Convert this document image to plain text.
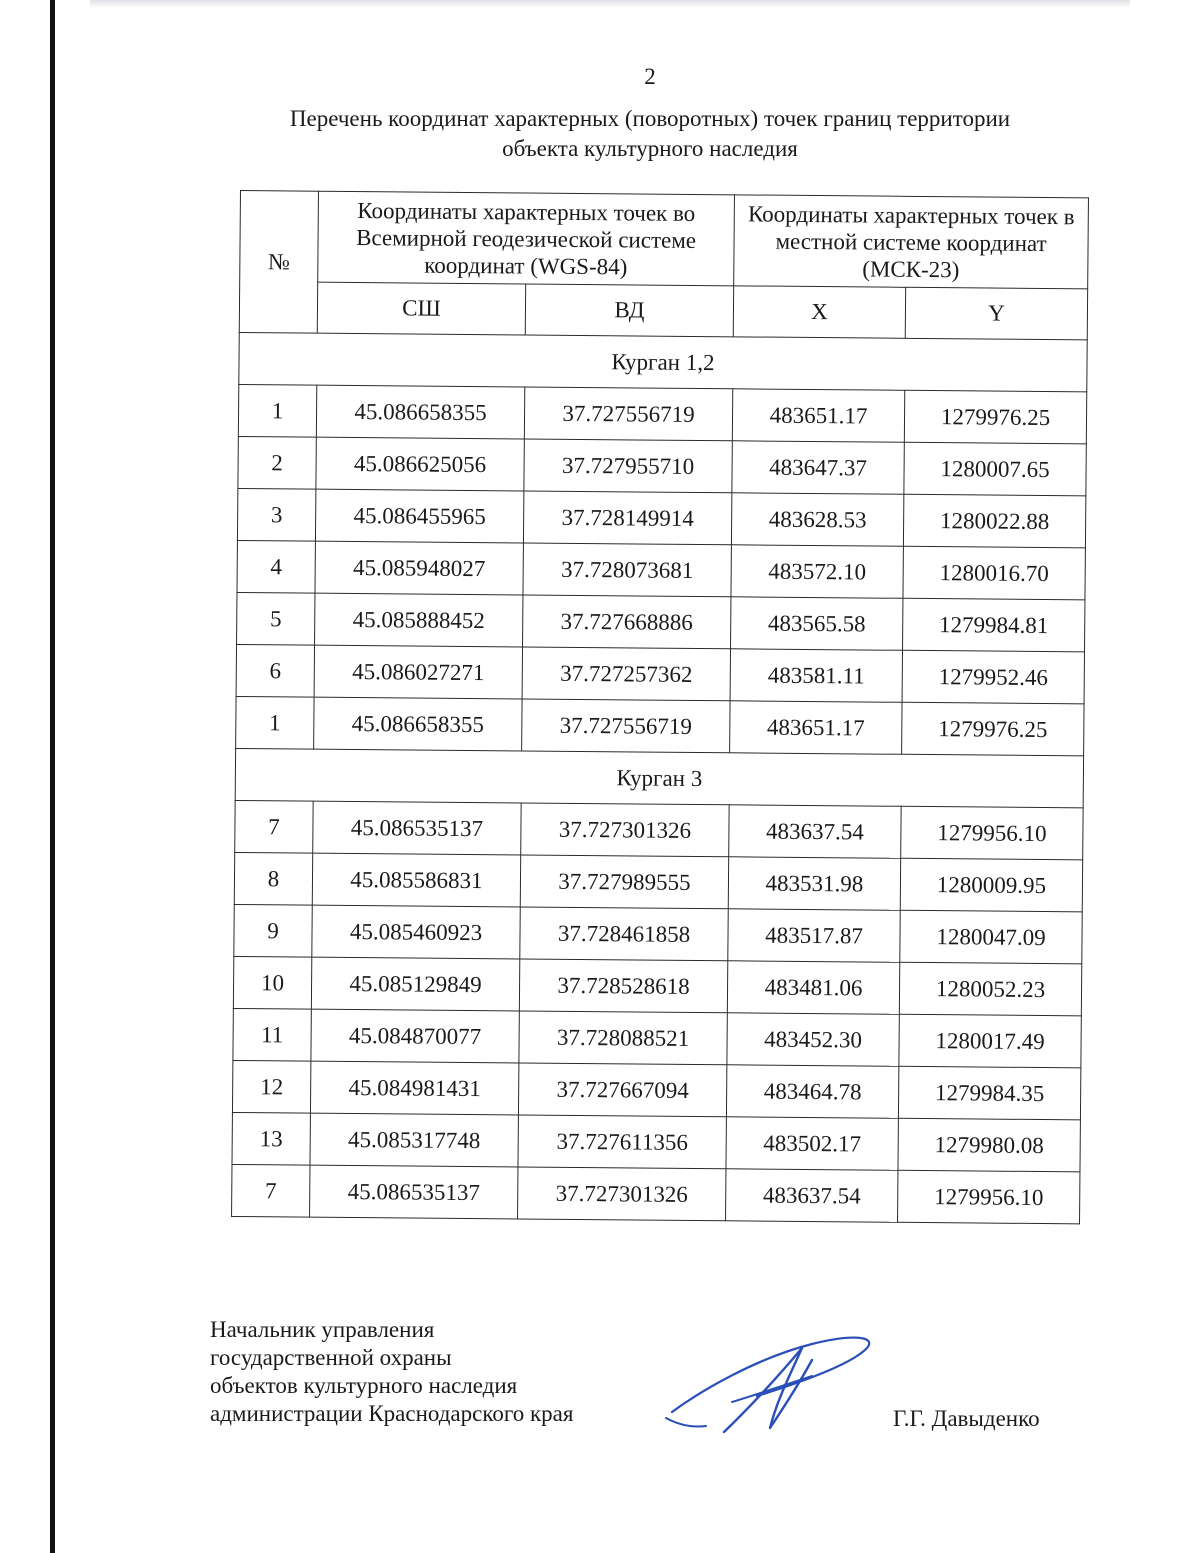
2
Перечень координат характерных (поворотных) точек границ территории
объекта культурного наследия
№	Координаты характерных точек во Всемирной геодезической системе координат (WGS-84)		Координаты характерных точек в местной системе координат (МСК-23)	
	СШ	ВД	X	Y
Курган 1,2				
1	45.086658355	37.727556719	483651.17	1279976.25
2	45.086625056	37.727955710	483647.37	1280007.65
3	45.086455965	37.728149914	483628.53	1280022.88
4	45.085948027	37.728073681	483572.10	1280016.70
5	45.085888452	37.727668886	483565.58	1279984.81
6	45.086027271	37.727257362	483581.11	1279952.46
1	45.086658355	37.727556719	483651.17	1279976.25
Курган 3				
7	45.086535137	37.727301326	483637.54	1279956.10
8	45.085586831	37.727989555	483531.98	1280009.95
9	45.085460923	37.728461858	483517.87	1280047.09
10	45.085129849	37.728528618	483481.06	1280052.23
11	45.084870077	37.728088521	483452.30	1280017.49
12	45.084981431	37.727667094	483464.78	1279984.35
13	45.085317748	37.727611356	483502.17	1279980.08
7	45.086535137	37.727301326	483637.54	1279956.10
Начальник управления
государственной охраны
объектов культурного наследия
администрации Краснодарского края	Г.Г. Давыденко
